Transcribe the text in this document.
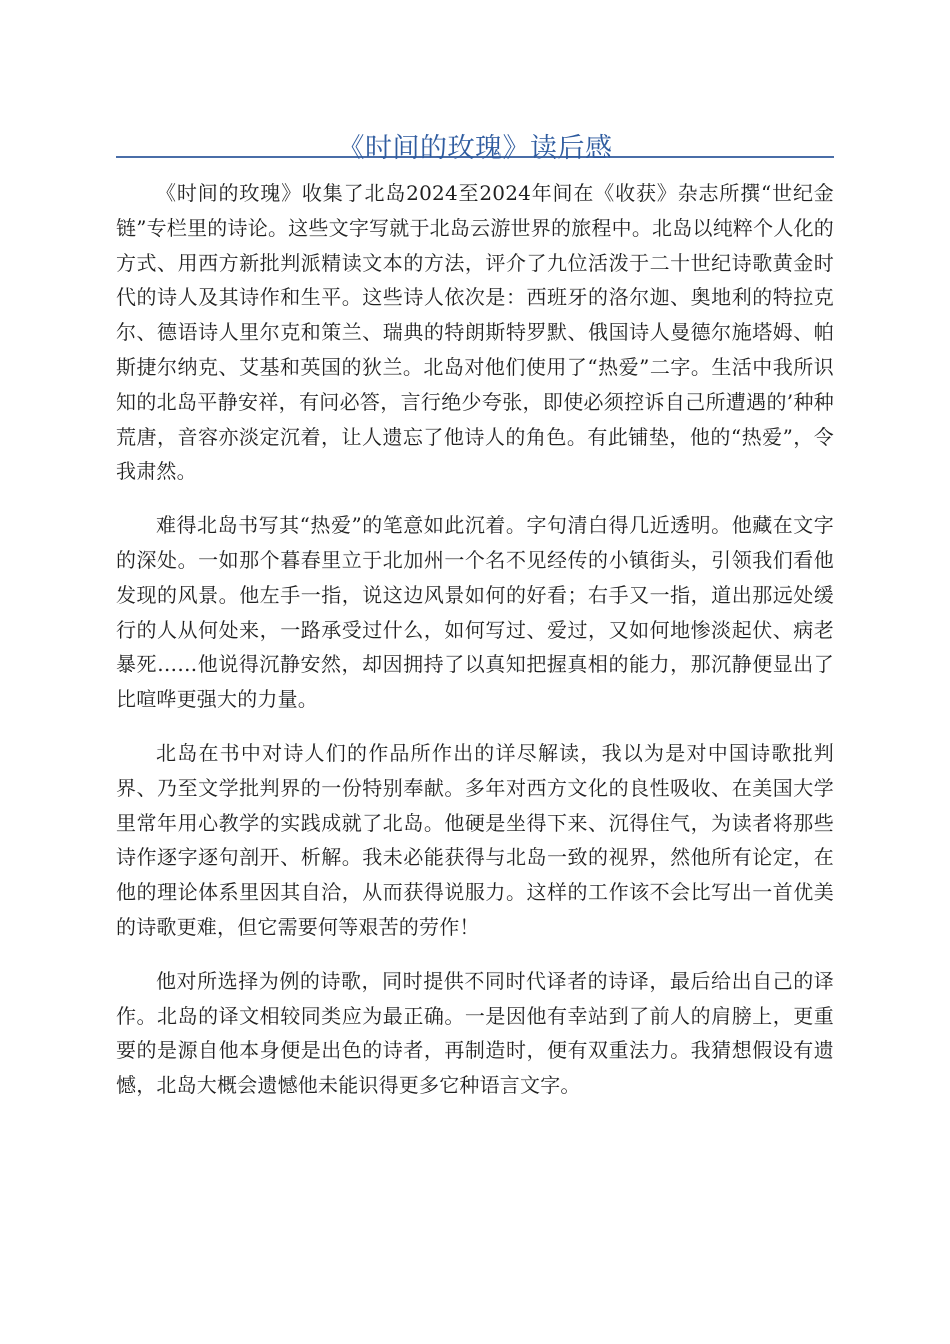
《时间的玫瑰》读后感

《时间的玫瑰》收集了北岛2024至2024年间在《收获》杂志所撰“世纪金链”专栏里的诗论。这些文字写就于北岛云游世界的旅程中。北岛以纯粹个人化的方式、用西方新批判派精读文本的方法，评介了九位活泼于二十世纪诗歌黄金时代的诗人及其诗作和生平。这些诗人依次是：西班牙的洛尔迦、奥地利的特拉克尔、德语诗人里尔克和策兰、瑞典的特朗斯特罗默、俄国诗人曼德尔施塔姆、帕斯捷尔纳克、艾基和英国的狄兰。北岛对他们使用了“热爱”二字。生活中我所识知的北岛平静安祥，有问必答，言行绝少夸张，即使必须控诉自己所遭遇的’种种荒唐，音容亦淡定沉着，让人遗忘了他诗人的角色。有此铺垫，他的“热爱”，令我肃然。

难得北岛书写其“热爱”的笔意如此沉着。字句清白得几近透明。他藏在文字的深处。一如那个暮春里立于北加州一个名不见经传的小镇街头，引领我们看他发现的风景。他左手一指，说这边风景如何的好看；右手又一指，道出那远处缓行的人从何处来，一路承受过什么，如何写过、爱过，又如何地惨淡起伏、病老暴死……他说得沉静安然，却因拥持了以真知把握真相的能力，那沉静便显出了比喧哗更强大的力量。

北岛在书中对诗人们的作品所作出的详尽解读，我以为是对中国诗歌批判界、乃至文学批判界的一份特别奉献。多年对西方文化的良性吸收、在美国大学里常年用心教学的实践成就了北岛。他硬是坐得下来、沉得住气，为读者将那些诗作逐字逐句剖开、析解。我未必能获得与北岛一致的视界，然他所有论定，在他的理论体系里因其自洽，从而获得说服力。这样的工作该不会比写出一首优美的诗歌更难，但它需要何等艰苦的劳作！

他对所选择为例的诗歌，同时提供不同时代译者的诗译，最后给出自己的译作。北岛的译文相较同类应为最正确。一是因他有幸站到了前人的肩膀上，更重要的是源自他本身便是出色的诗者，再制造时，便有双重法力。我猜想假设有遗憾，北岛大概会遗憾他未能识得更多它种语言文字。
